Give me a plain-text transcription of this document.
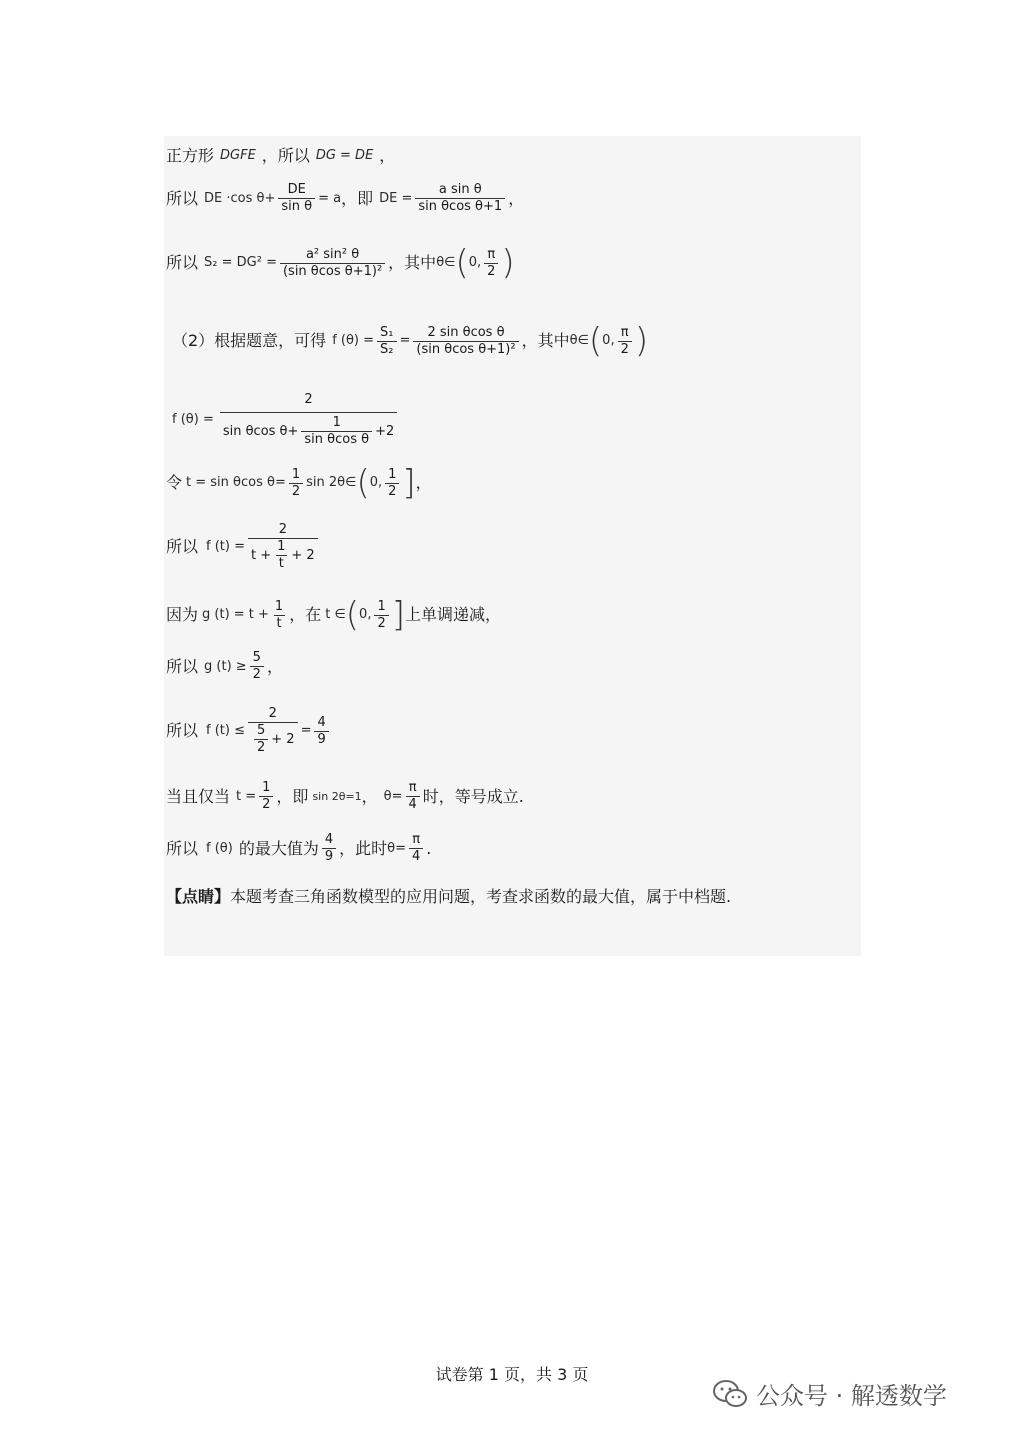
正方形 DGFE ，所以 DG = DE ，
所以 DE ·cos $\theta+ \frac{DE}{\text{sin θ}} = a$ ，即 DE = $\frac{\text{a sin θ}}{\text{sin θcos θ+1}}$ ，
所以 $S_2 = DG^2 = \frac{\text{a² sin² θ}}{\text{(sin θcos θ+1)²}}$ ，其中 θ∈ ( 0, $\frac{\pi}{2}$ )
（2）根据题意，可得 f $(\theta) = \frac{\text{S₁}}{\text{S₂}} = \frac{\text{2 sin θcos θ}}{\text{(sin θcos θ+1)²}}$ ，其中 θ∈ ( 0, $\frac{\pi}{2}$ )
f (θ) =
2
sin θcos $\theta+ \frac{1}{\text{sin θcos θ}} +2$
令 t = sin θcos $\theta= \frac{1}{2}$ sin 2θ∈ ( 0, $\frac{1}{2}$ ] ，
所以 f $(t) = \frac{2}{t + \frac{1}{t} + 2}$
因为 g $(t) = t + \frac{1}{t}$ ，在 t ∈ ( 0, $\frac{1}{2}$ ] 上单调递减，
所以 g $(t) \ge \frac{5}{2}$ ，
所以 f $(t) \le \frac{2}{\frac{5}{2} + 2} = \frac{4}{9}$
当且仅当 $t = \frac{1}{2}$ ，即 sin 2θ=1 ， $\theta= \frac{\pi}{4}$ 时，等号成立.
所以 f (θ) 的最大值为 $\frac{4}{9}$ ，此时 $\theta= \frac{\pi}{4}$ .
【点睛】 本题考查三角函数模型的应用问题，考查求函数的最大值，属于中档题.
试卷第 1 页，共 3 页
公众号 · 解透数学
